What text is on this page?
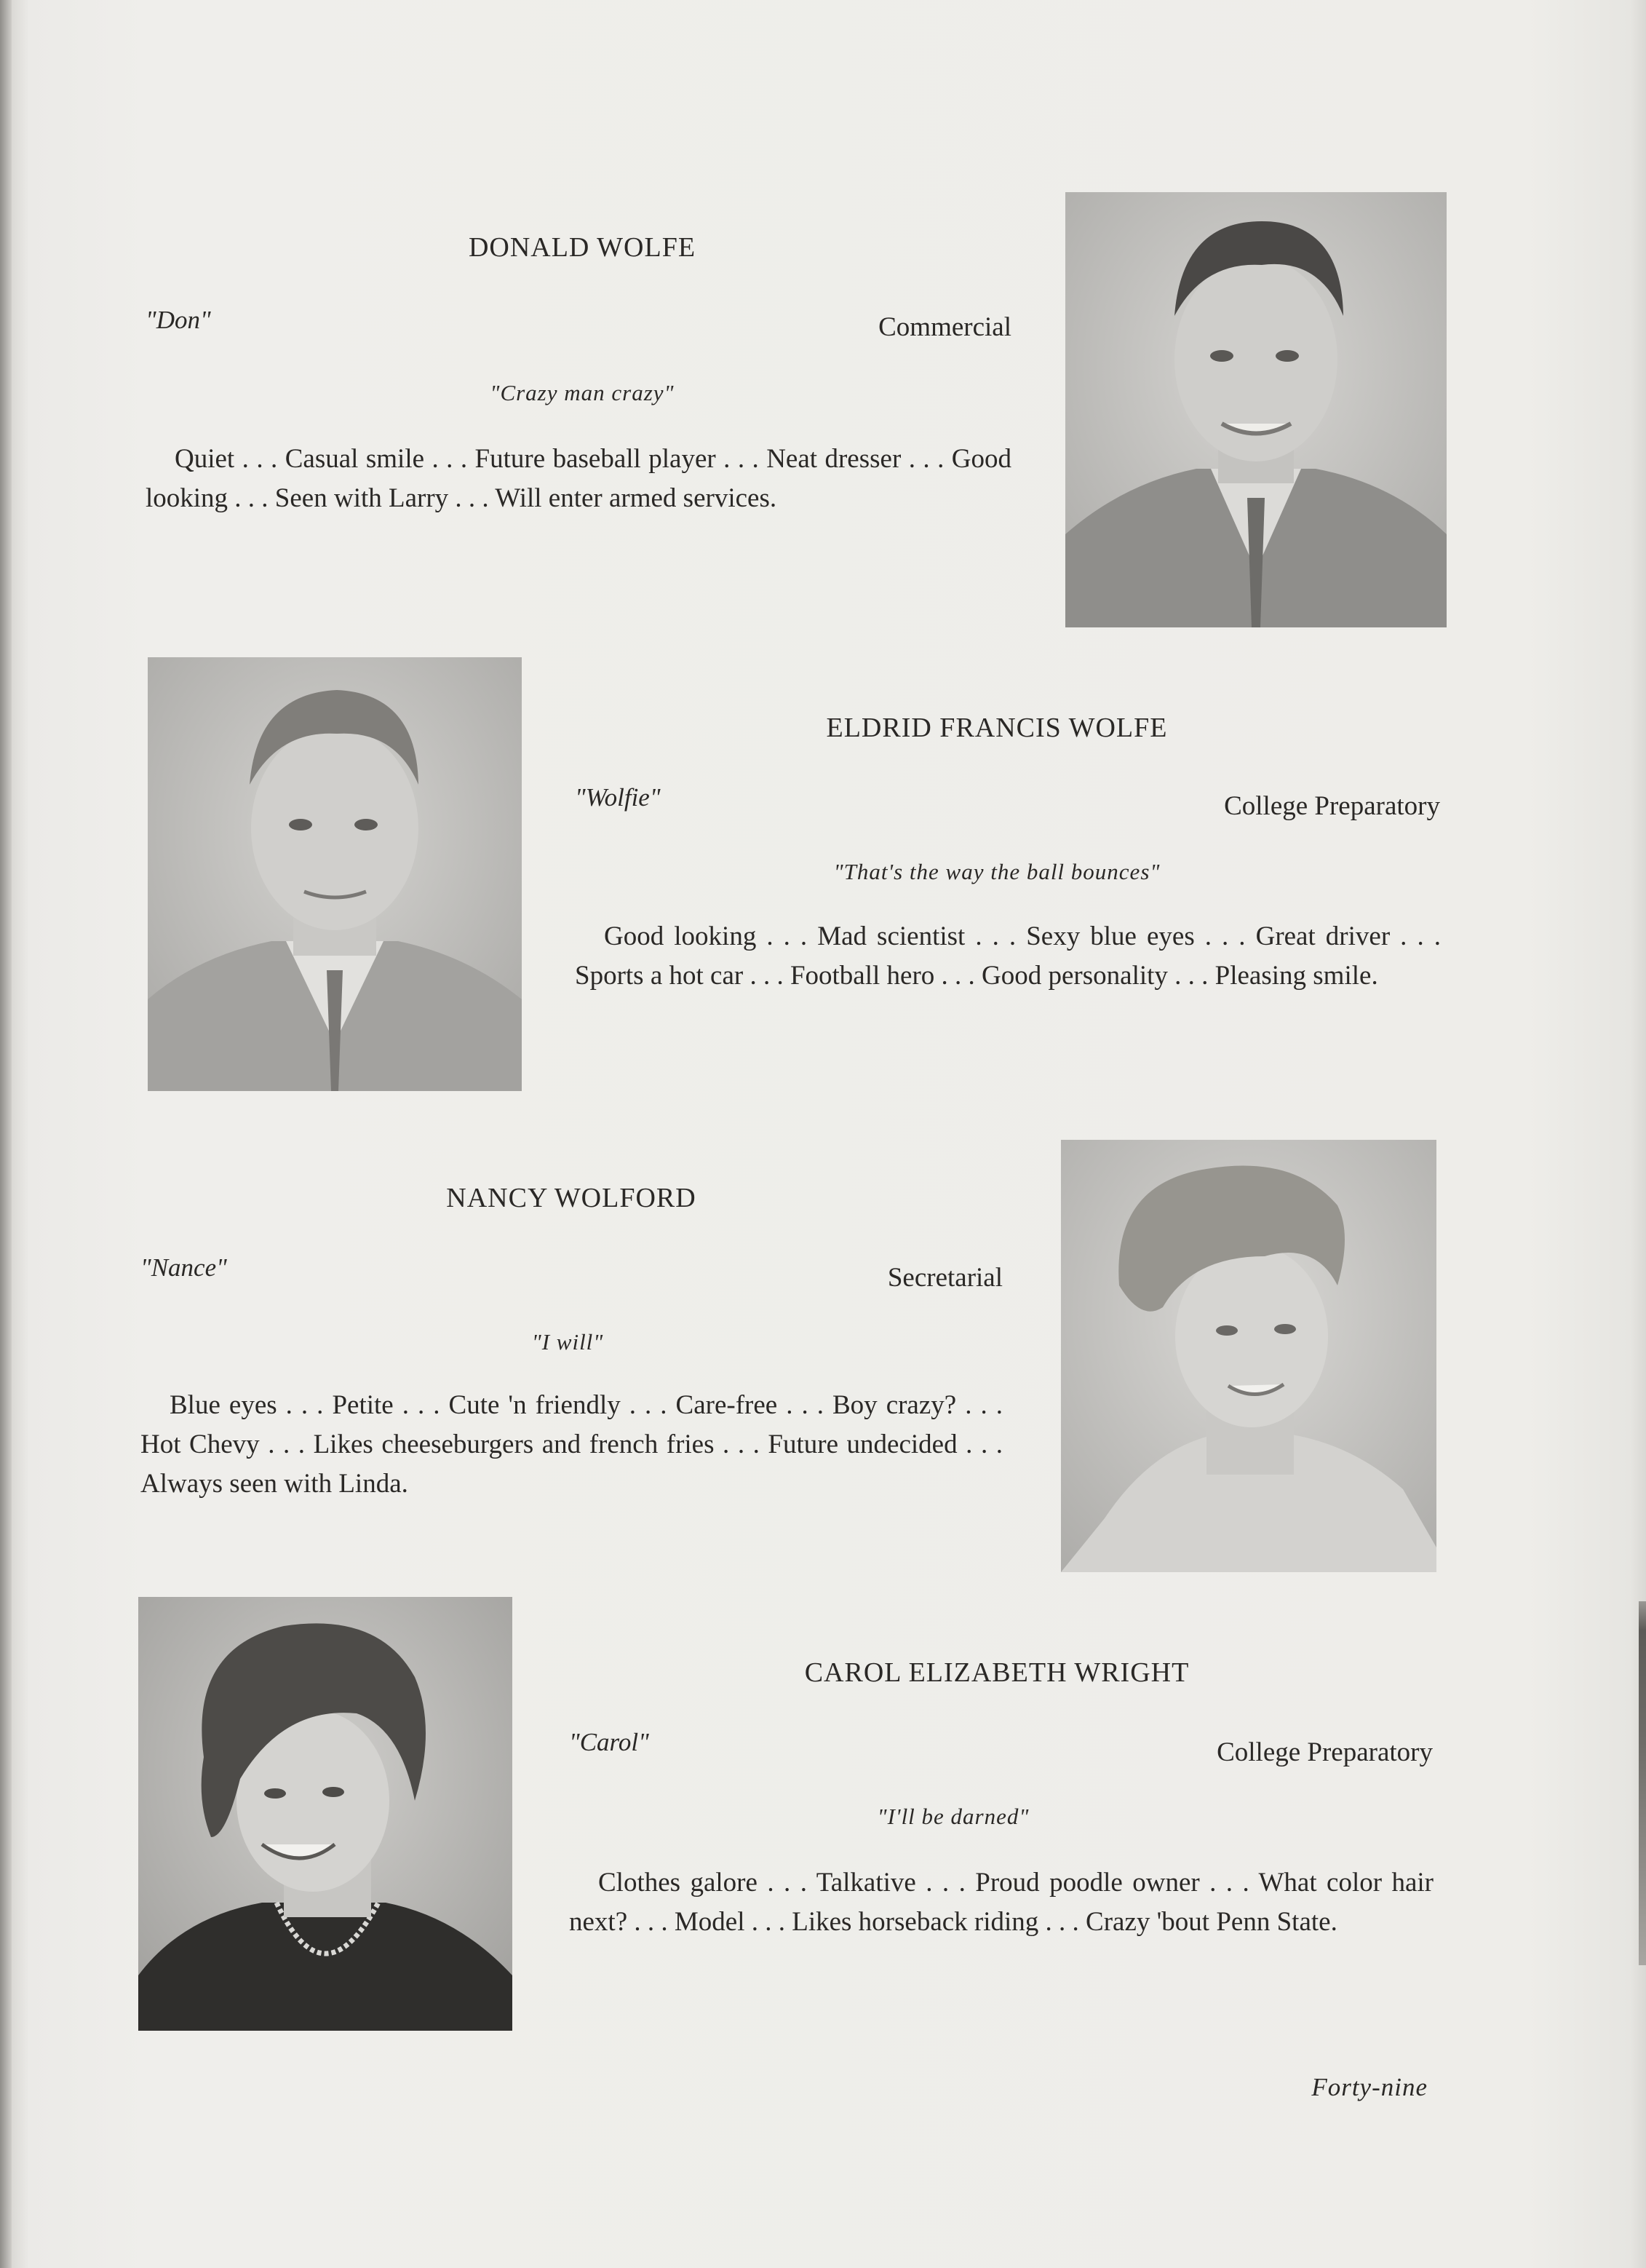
DONALD WOLFE
"Don"	Commercial
"Crazy man crazy"
Quiet . . . Casual smile . . . Future baseball player . . . Neat dresser . . . Good looking . . . Seen with Larry . . . Will enter armed services.
ELDRID FRANCIS WOLFE
"Wolfie"	College Preparatory
"That's the way the ball bounces"
Good looking . . . Mad scientist . . . Sexy blue eyes . . . Great driver . . . Sports a hot car . . . Football hero . . . Good personality . . . Pleasing smile.
NANCY WOLFORD
"Nance"	Secretarial
"I will"
Blue eyes . . . Petite . . . Cute 'n friendly . . . Care-free . . . Boy crazy? . . . Hot Chevy . . . Likes cheeseburgers and french fries . . . Future undecided . . . Always seen with Linda.
CAROL ELIZABETH WRIGHT
"Carol"	College Preparatory
"I'll be darned"
Clothes galore . . . Talkative . . . Proud poodle owner . . . What color hair next? . . . Model . . . Likes horseback riding . . . Crazy 'bout Penn State.
Forty-nine
